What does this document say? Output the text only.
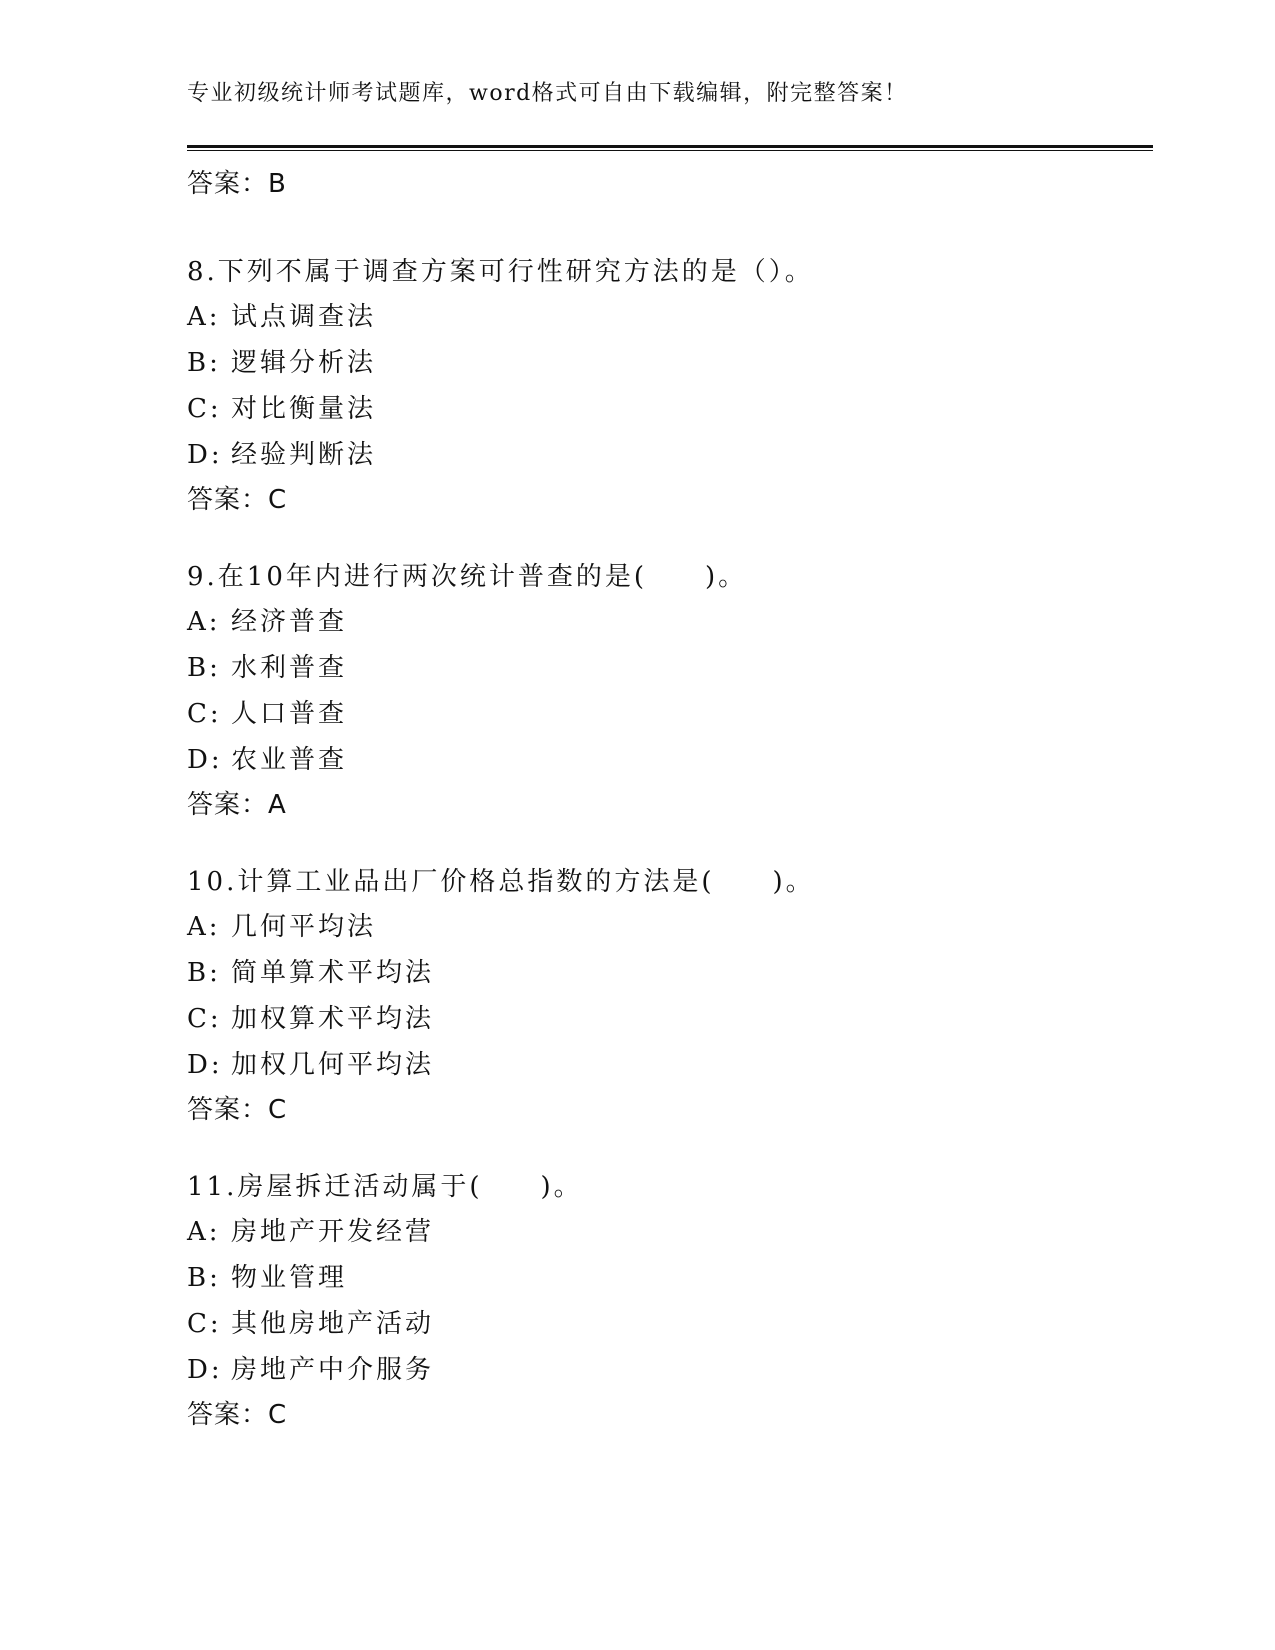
专业初级统计师考试题库，word格式可自由下载编辑，附完整答案！
答案：B
8.下列不属于调查方案可行性研究方法的是（）。
A: 试点调查法
B: 逻辑分析法
C: 对比衡量法
D: 经验判断法
答案：C
9.在10年内进行两次统计普查的是(　　)。
A: 经济普查
B: 水利普查
C: 人口普查
D: 农业普查
答案：A
10.计算工业品出厂价格总指数的方法是(　　)。
A: 几何平均法
B: 简单算术平均法
C: 加权算术平均法
D: 加权几何平均法
答案：C
11.房屋拆迁活动属于(　　)。
A: 房地产开发经营
B: 物业管理
C: 其他房地产活动
D: 房地产中介服务
答案：C
